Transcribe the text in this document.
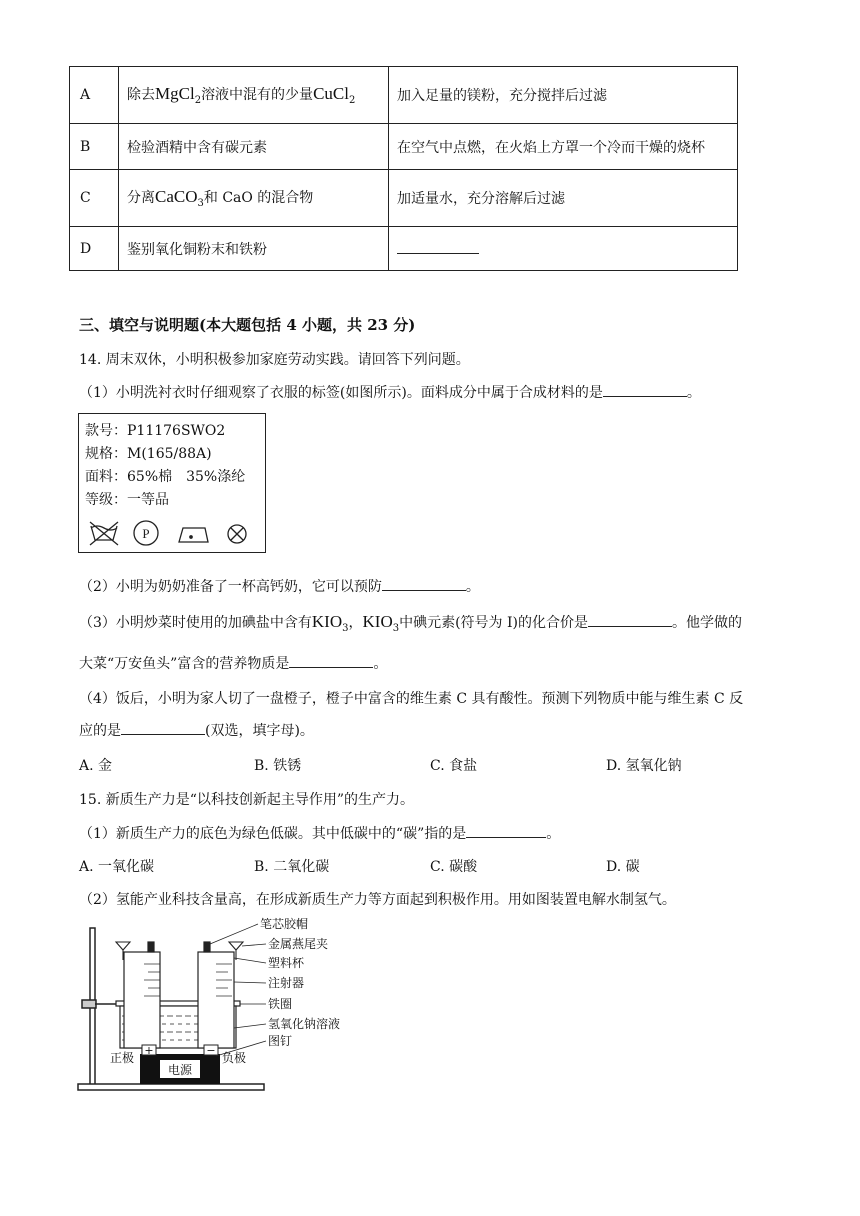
A	除去MgCl$_2$溶液中混有的少量CuCl$_2$	加入足量的镁粉，充分搅拌后过滤
B	检验酒精中含有碳元素	在空气中点燃，在火焰上方罩一个冷而干燥的烧杯
C	分离CaCO$_3$和 CaO 的混合物	加适量水，充分溶解后过滤
D	鉴别氧化铜粉末和铁粉	
三、填空与说明题(本大题包括 4 小题，共 23 分)
14. 周末双休，小明积极参加家庭劳动实践。请回答下列问题。
（1）小明洗衬衣时仔细观察了衣服的标签(如图所示)。面料成分中属于合成材料的是	。
款号：P11176SWO2
规格：M(165/88A)
面料：65%棉　35%涤纶
等级：一等品
P
（2）小明为奶奶准备了一杯高钙奶，它可以预防	。
（3）小明炒菜时使用的加碘盐中含有$KIO_3$，$KIO_3$中碘元素(符号为 I)的化合价是	。他学做的
大菜“万安鱼头”富含的营养物质是	。
（4）饭后，小明为家人切了一盘橙子，橙子中富含的维生素 C 具有酸性。预测下列物质中能与维生素 C 反
应的是	(双选，填字母)。
A. 金	B. 铁锈	C. 食盐	D. 氢氧化钠
15. 新质生产力是“以科技创新起主导作用”的生产力。
（1）新质生产力的底色为绿色低碳。其中低碳中的“碳”指的是	。
A. 一氧化碳	B. 二氧化碳	C. 碳酸	D. 碳
（2）氢能产业科技含量高，在形成新质生产力等方面起到积极作用。用如图装置电解水制氢气。
+	−
电源
笔芯胶帽
金属燕尾夹
塑料杯
注射器
铁圈
氢氧化钠溶液
图钉
正极	负极
